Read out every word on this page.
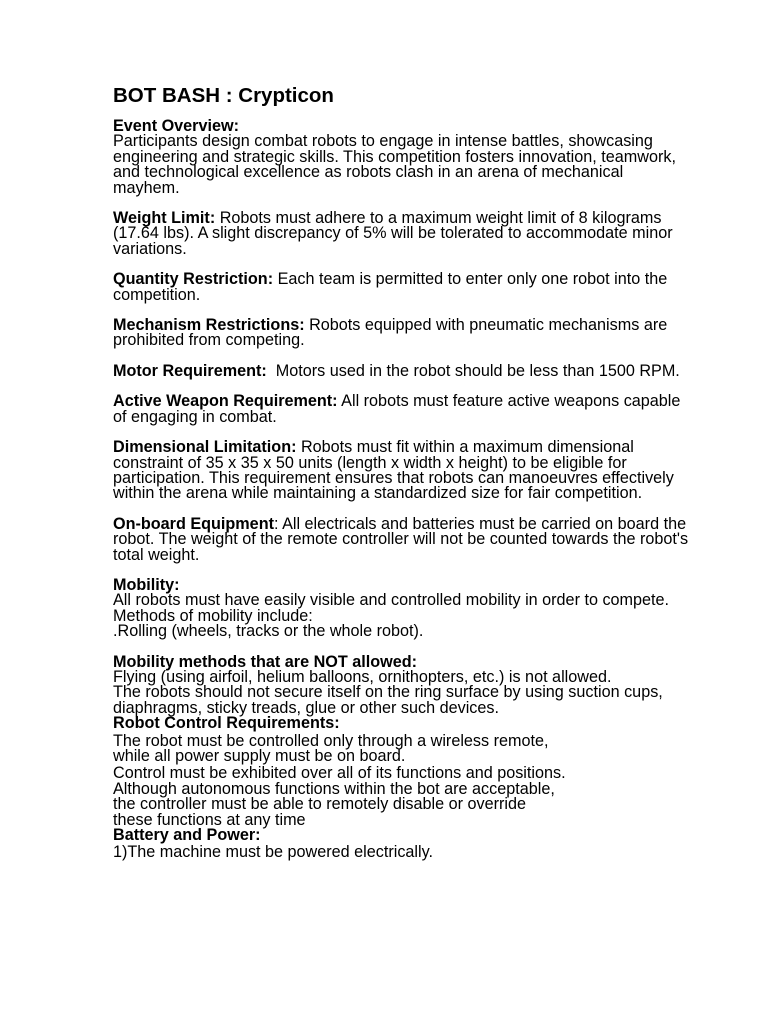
BOT BASH : Crypticon
Event Overview:
Participants design combat robots to engage in intense battles, showcasing engineering and strategic skills. This competition fosters innovation, teamwork, and technological excellence as robots clash in an arena of mechanical mayhem.
Weight Limit: Robots must adhere to a maximum weight limit of 8 kilograms (17.64 lbs). A slight discrepancy of 5% will be tolerated to accommodate minor variations.
Quantity Restriction: Each team is permitted to enter only one robot into the competition.
Mechanism Restrictions: Robots equipped with pneumatic mechanisms are prohibited from competing.
Motor Requirement:  Motors used in the robot should be less than 1500 RPM.
Active Weapon Requirement: All robots must feature active weapons capable of engaging in combat.
Dimensional Limitation: Robots must fit within a maximum dimensional constraint of 35 x 35 x 50 units (length x width x height) to be eligible for participation. This requirement ensures that robots can manoeuvres effectively within the arena while maintaining a standardized size for fair competition.
On-board Equipment: All electricals and batteries must be carried on board the robot. The weight of the remote controller will not be counted towards the robot's total weight.
Mobility:
All robots must have easily visible and controlled mobility in order to compete. Methods of mobility include:
.Rolling (wheels, tracks or the whole robot).
Mobility methods that are NOT allowed:
Flying (using airfoil, helium balloons, ornithopters, etc.) is not allowed.
The robots should not secure itself on the ring surface by using suction cups, diaphragms, sticky treads, glue or other such devices.
Robot Control Requirements:
The robot must be controlled only through a wireless remote,
while all power supply must be on board.
Control must be exhibited over all of its functions and positions.
Although autonomous functions within the bot are acceptable,
the controller must be able to remotely disable or override
these functions at any time
Battery and Power:
1)The machine must be powered electrically.
